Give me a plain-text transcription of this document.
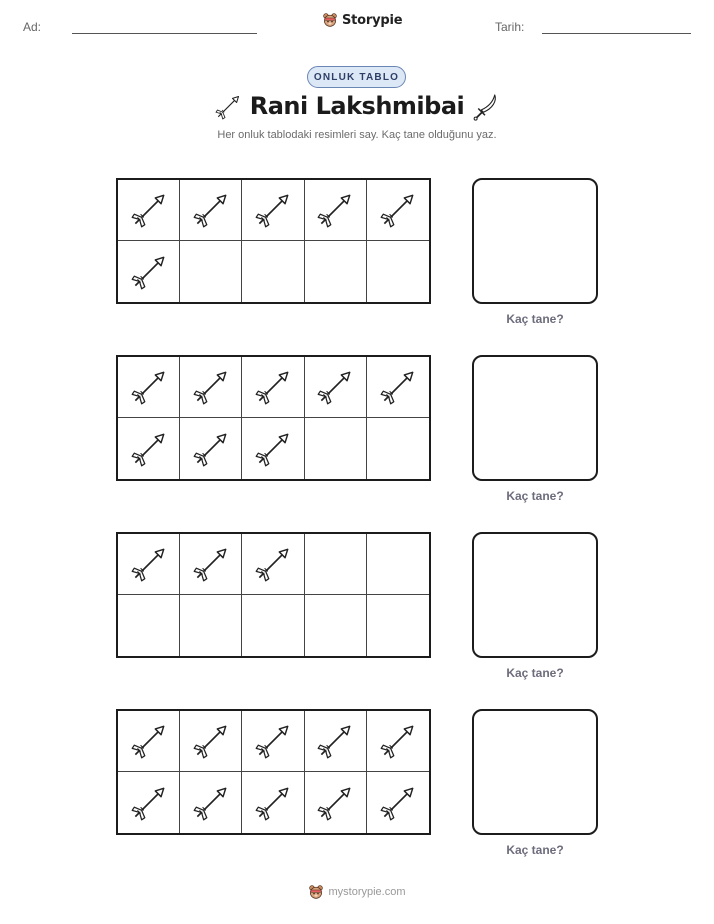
Ad:	Storypie	Tarih:
ONLUK TABLO
Rani Lakshmibai
Her onluk tablodaki resimleri say. Kaç tane olduğunu yaz.
Kaç tane?
Kaç tane?
Kaç tane?
Kaç tane?
mystorypie.com
